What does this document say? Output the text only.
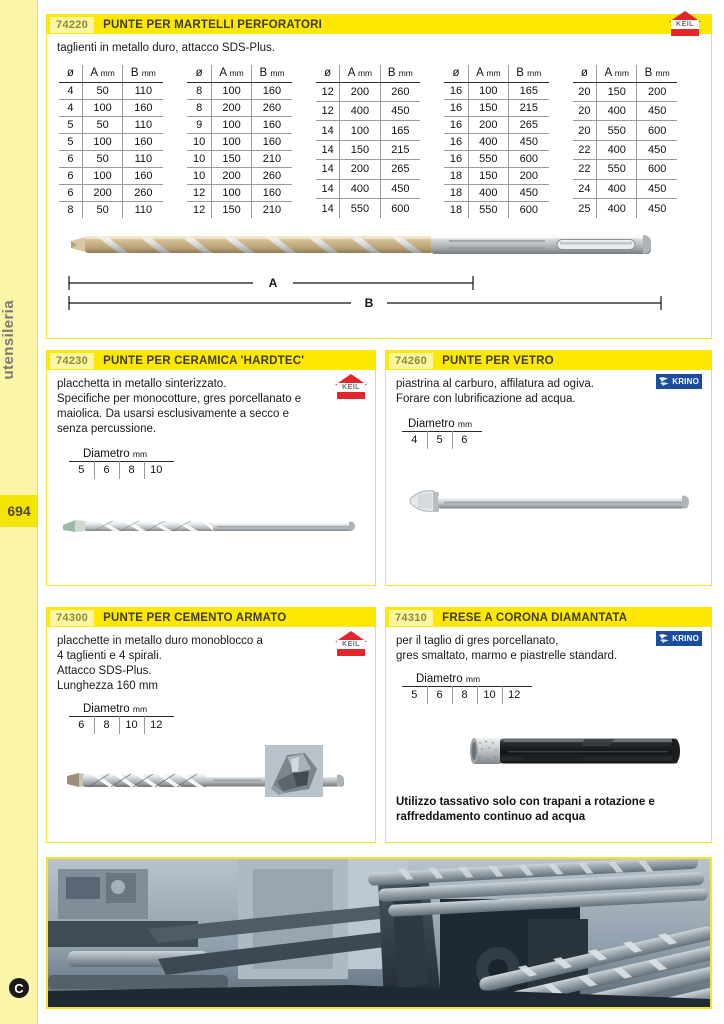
utensileria
694
C
74220	PUNTE PER MARTELLI PERFORATORI	KEIL
taglienti in metallo duro, attacco SDS-Plus.
ø	A mm	B mm
4	50	110
4	100	160
5	50	110
5	100	160
6	50	110
6	100	160
6	200	260
8	50	110
ø	A mm	B mm
8	100	160
8	200	260
9	100	160
10	100	160
10	150	210
10	200	260
12	100	160
12	150	210
ø	A mm	B mm
12	200	260
12	400	450
14	100	165
14	150	215
14	200	265
14	400	450
14	550	600
ø	A mm	B mm
16	100	165
16	150	215
16	200	265
16	400	450
16	550	600
18	150	200
18	400	450
18	550	600
ø	A mm	B mm
20	150	200
20	400	450
20	550	600
22	400	450
22	550	600
24	400	450
25	400	450
A
B
74230	PUNTE PER CERAMICA 'HARDTEC'
KEIL
placchetta in metallo sinterizzato.
Specifiche per monocotture, gres porcellanato e
maiolica. Da usarsi esclusivamente a secco e
senza percussione.
Diametro mm
5	6	8	10
74260	PUNTE PER VETRO
KRINO
piastrina al carburo, affilatura ad ogiva.
Forare con lubrificazione ad acqua.
Diametro mm
4	5	6
74300	PUNTE PER CEMENTO ARMATO
KEIL
placchette in metallo duro monoblocco a
4 taglienti e 4 spirali.
Attacco SDS-Plus.
Lunghezza 160 mm
Diametro mm
6	8	10	12
74310	FRESE A CORONA DIAMANTATA
KRINO
per il taglio di gres porcellanato,
gres smaltato, marmo e piastrelle standard.
Diametro mm
5	6	8	10	12
Utilizzo tassativo solo con trapani a rotazione e
raffreddamento continuo ad acqua
